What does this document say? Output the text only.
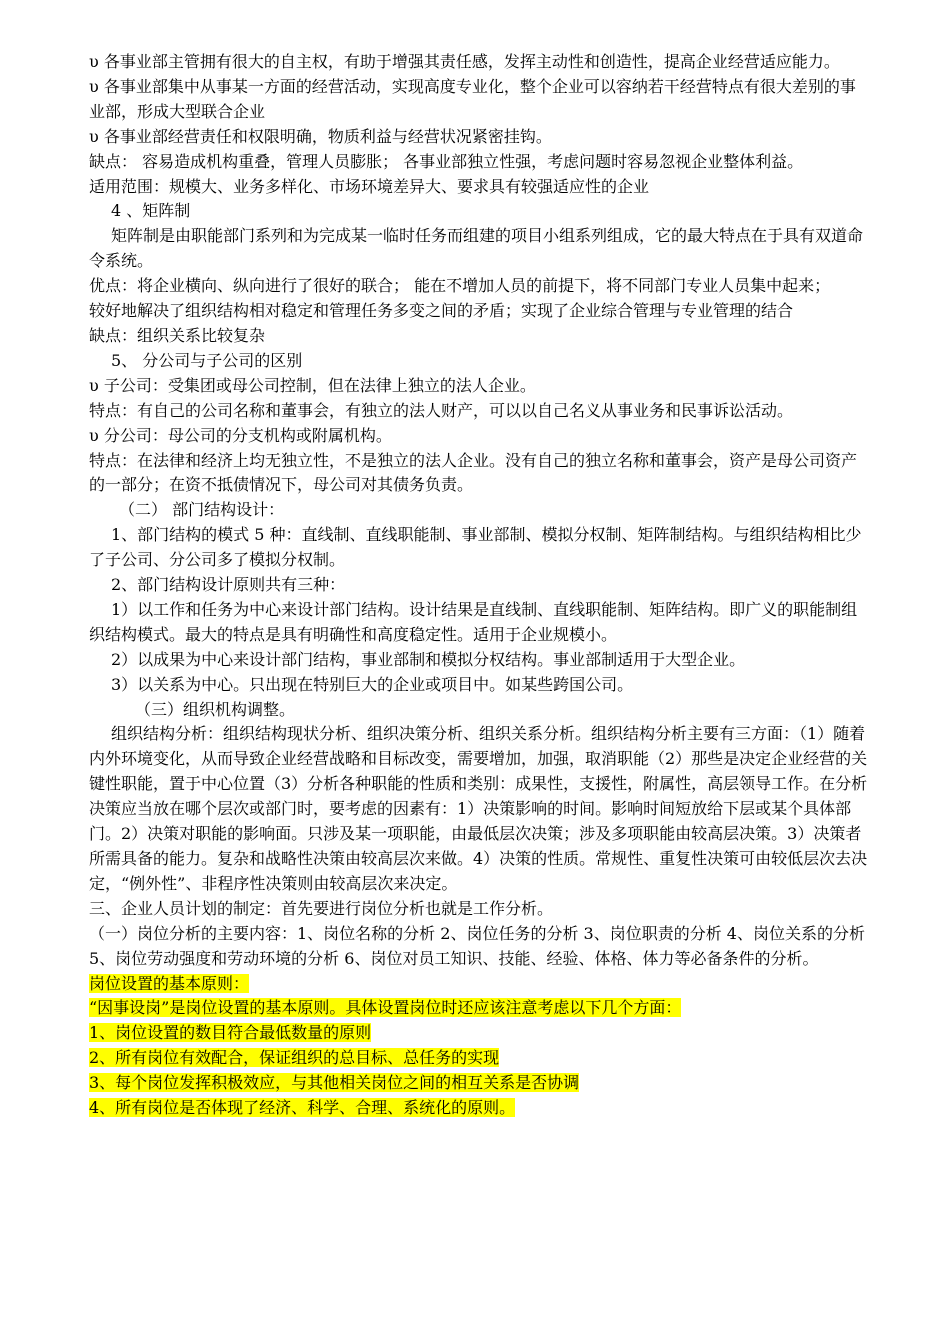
υ 各事业部主管拥有很大的自主权，有助于增强其责任感，发挥主动性和创造性，提高企业经营适应能力。
υ 各事业部集中从事某一方面的经营活动，实现高度专业化，整个企业可以容纳若干经营特点有很大差别的事业部，形成大型联合企业
υ 各事业部经营责任和权限明确，物质利益与经营状况紧密挂钩。
缺点： 容易造成机构重叠，管理人员膨胀； 各事业部独立性强，考虑问题时容易忽视企业整体利益。
适用范围：规模大、业务多样化、市场环境差异大、要求具有较强适应性的企业
4 、矩阵制
矩阵制是由职能部门系列和为完成某一临时任务而组建的项目小组系列组成，它的最大特点在于具有双道命令系统。
优点：将企业横向、纵向进行了很好的联合； 能在不增加人员的前提下，将不同部门专业人员集中起来；
较好地解决了组织结构相对稳定和管理任务多变之间的矛盾；实现了企业综合管理与专业管理的结合
缺点：组织关系比较复杂
5、 分公司与子公司的区别
υ 子公司：受集团或母公司控制，但在法律上独立的法人企业。
特点：有自己的公司名称和董事会，有独立的法人财产，可以以自己名义从事业务和民事诉讼活动。
υ 分公司：母公司的分支机构或附属机构。
特点：在法律和经济上均无独立性，不是独立的法人企业。没有自己的独立名称和董事会，资产是母公司资产的一部分；在资不抵债情况下，母公司对其债务负责。
（二） 部门结构设计：
1、部门结构的模式 5 种：直线制、直线职能制、事业部制、模拟分权制、矩阵制结构。与组织结构相比少了子公司、分公司多了模拟分权制。
2、部门结构设计原则共有三种：
1）以工作和任务为中心来设计部门结构。设计结果是直线制、直线职能制、矩阵结构。即广义的职能制组织结构模式。最大的特点是具有明确性和高度稳定性。适用于企业规模小。
2）以成果为中心来设计部门结构，事业部制和模拟分权结构。事业部制适用于大型企业。
3）以关系为中心。只出现在特别巨大的企业或项目中。如某些跨国公司。
（三）组织机构调整。
组织结构分析：组织结构现状分析、组织决策分析、组织关系分析。组织结构分析主要有三方面：（1）随着内外环境变化，从而导致企业经营战略和目标改变，需要增加，加强，取消职能（2）那些是决定企业经营的关键性职能，置于中心位置（3）分析各种职能的性质和类别：成果性，支援性，附属性，高层领导工作。在分析决策应当放在哪个层次或部门时，要考虑的因素有：1）决策影响的时间。影响时间短放给下层或某个具体部门。2）决策对职能的影响面。只涉及某一项职能，由最低层次决策；涉及多项职能由较高层决策。3）决策者所需具备的能力。复杂和战略性决策由较高层次来做。4）决策的性质。常规性、重复性决策可由较低层次去决定，“例外性”、非程序性决策则由较高层次来决定。
三、企业人员计划的制定：首先要进行岗位分析也就是工作分析。
（一）岗位分析的主要内容：1、岗位名称的分析 2、岗位任务的分析 3、岗位职责的分析 4、岗位关系的分析 5、岗位劳动强度和劳动环境的分析 6、岗位对员工知识、技能、经验、体格、体力等必备条件的分析。
岗位设置的基本原则：
“因事设岗”是岗位设置的基本原则。具体设置岗位时还应该注意考虑以下几个方面：
1、岗位设置的数目符合最低数量的原则
2、所有岗位有效配合，保证组织的总目标、总任务的实现
3、每个岗位发挥积极效应，与其他相关岗位之间的相互关系是否协调
4、所有岗位是否体现了经济、科学、合理、系统化的原则。
